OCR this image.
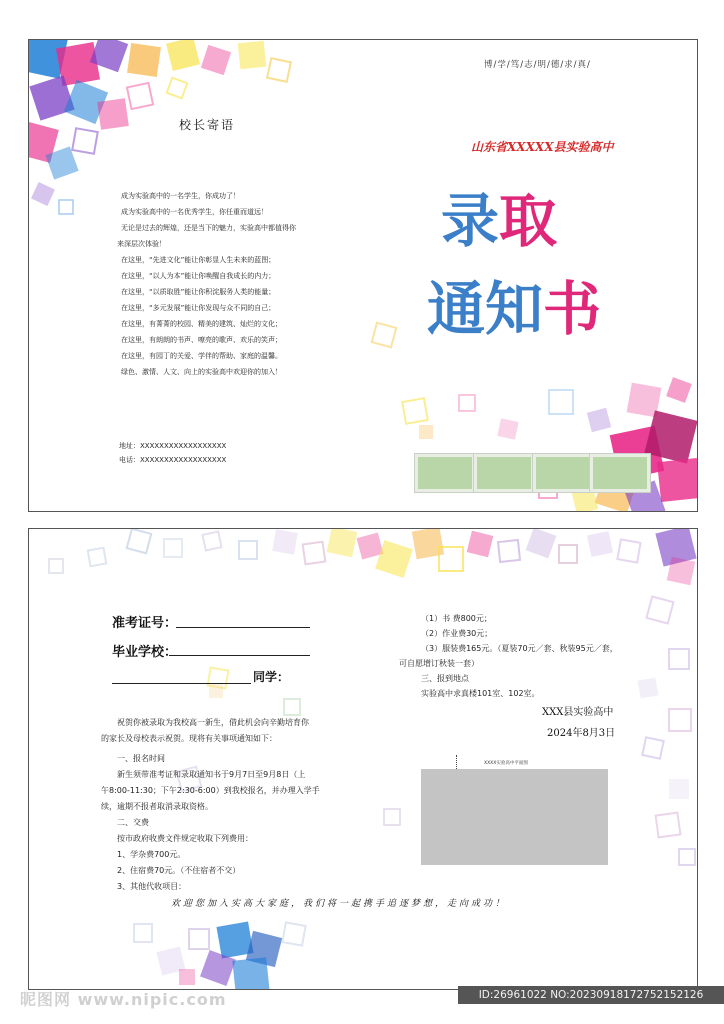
博/学/笃/志/明/德/求/真/
校长寄语
成为实验高中的一名学生，你成功了！
成为实验高中的一名优秀学生，你任重而道远！
无论是过去的辉煌，还是当下的魅力，实验高中都值得你
来深层次体验！
在这里，“先进文化”能让你彰显人生未来的蓝图；
在这里，“以人为本”能让你唤醒自我成长的内力；
在这里，“以质取胜”能让你积淀服务人类的能量；
在这里，“多元发展”能让你发现与众不同的自己；
在这里，有菁菁的校园、精美的建筑、灿烂的文化；
在这里，有朗朗的书声、嘹亮的歌声、欢乐的笑声；
在这里，有园丁的关爱、学伴的帮助、家庭的温馨。
绿色、激情、人文、向上的实验高中欢迎你的加入！
地址：XXXXXXXXXXXXXXXXXX
电话：XXXXXXXXXXXXXXXXXX
山东省XXXXX县实验高中
录取
通知书
准考证号：
毕业学校：
同学：
祝贺你被录取为我校高一新生，借此机会向辛勤培育你
的家长及母校表示祝贺。现将有关事项通知如下：
一、报名时间
新生须带准考证和录取通知书于9月7日至9月8日（上
午8:00-11:30；下午2:30-6:00）到我校报名，并办理入学手
续，逾期不报者取消录取资格。
二、交费
按市政府收费文件规定收取下列费用：
1、学杂费700元。
2、住宿费70元。（不住宿者不交）
3、其他代收项目：
（1）书 费800元；
（2）作业费30元；
（3）服装费165元。（夏装70元／套、秋装95元／套，
可自愿增订秋装一套）
三、报到地点
实验高中求真楼101室、102室。
XXX县实验高中
2024年8月3日
XXXX实验高中平面图
欢迎您加入实高大家庭，我们将一起携手追逐梦想，走向成功！
昵图网 www.nipic.com	ID:26961022 NO:20230918172752152126
